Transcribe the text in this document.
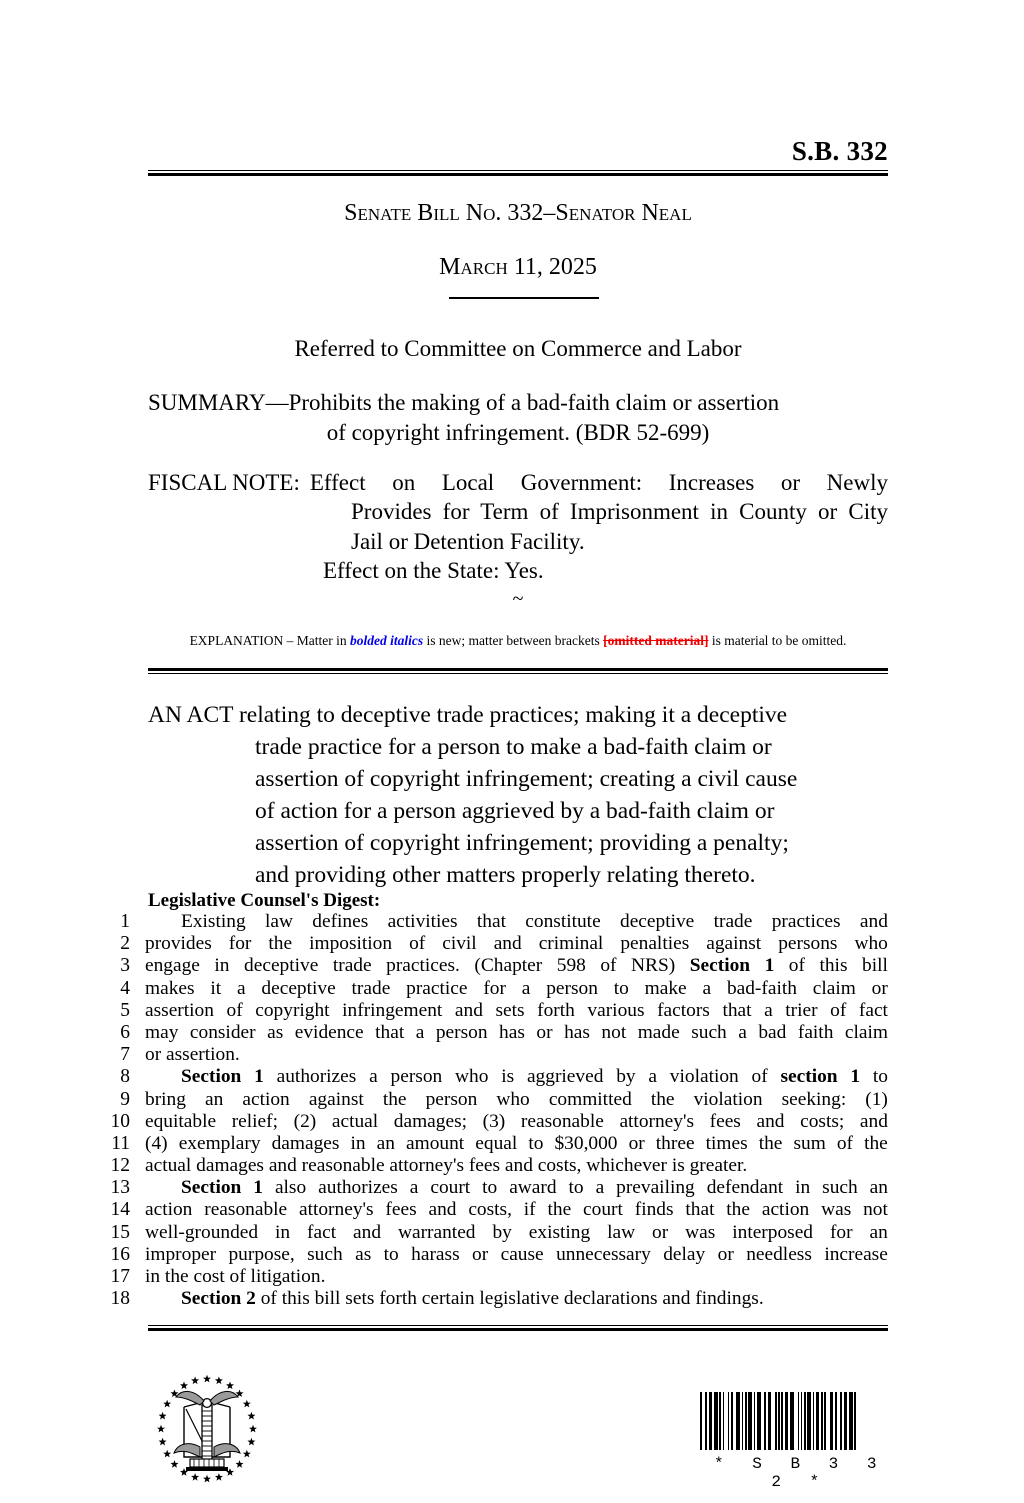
S.B. 332
Senate Bill No. 332–Senator Neal
March 11, 2025
Referred to Committee on Commerce and Labor
SUMMARY—Prohibits the making of a bad-faith claim or assertion
of copyright infringement. (BDR 52-699)
FISCAL NOTE: Effect on Local Government: Increases or Newly
Provides for Term of Imprisonment in County or City
Jail or Detention Facility.
Effect on the State: Yes.
~
EXPLANATION – Matter in bolded italics is new; matter between brackets [omitted material] is material to be omitted.
AN ACT relating to deceptive trade practices; making it a deceptive
trade practice for a person to make a bad-faith claim or
assertion of copyright infringement; creating a civil cause
of action for a person aggrieved by a bad-faith claim or
assertion of copyright infringement; providing a penalty;
and providing other matters properly relating thereto.
Legislative Counsel's Digest:
1	Existing law defines activities that constitute deceptive trade practices and
2 provides for the imposition of civil and criminal penalties against persons who
3 engage in deceptive trade practices. (Chapter 598 of NRS) Section 1 of this bill
4 makes it a deceptive trade practice for a person to make a bad-faith claim or
5 assertion of copyright infringement and sets forth various factors that a trier of fact
6 may consider as evidence that a person has or has not made such a bad faith claim
7 or assertion.
8	Section 1 authorizes a person who is aggrieved by a violation of section 1 to
9 bring an action against the person who committed the violation seeking: (1)
10 equitable relief; (2) actual damages; (3) reasonable attorney's fees and costs; and
11 (4) exemplary damages in an amount equal to $30,000 or three times the sum of the
12 actual damages and reasonable attorney's fees and costs, whichever is greater.
13	Section 1 also authorizes a court to award to a prevailing defendant in such an
14 action reasonable attorney's fees and costs, if the court finds that the action was not
15 well-grounded in fact and warranted by existing law or was interposed for an
16 improper purpose, such as to harass or cause unnecessary delay or needless increase
17 in the cost of litigation.
18	Section 2 of this bill sets forth certain legislative declarations and findings.
* S B 3 3 2 *
